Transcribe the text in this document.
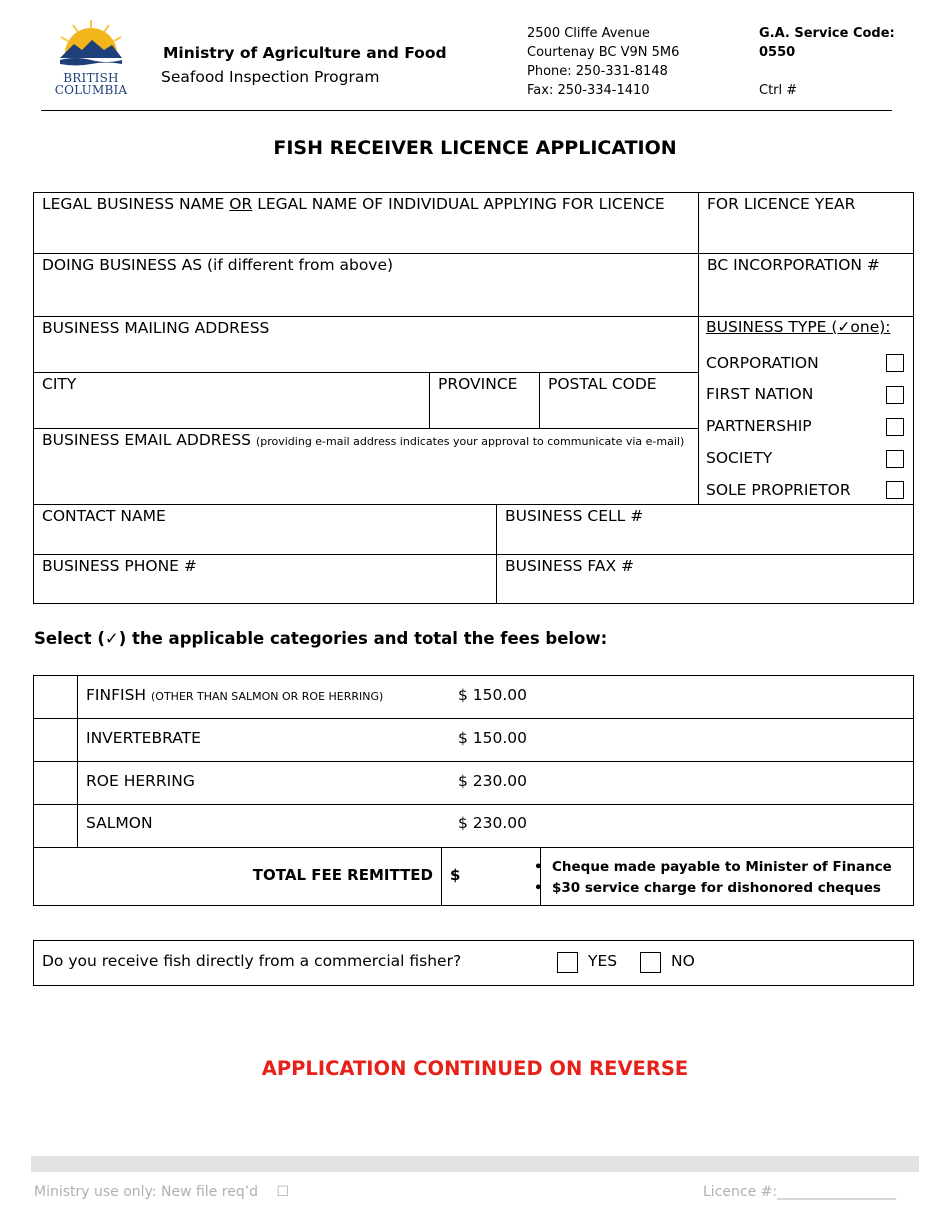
BRITISH
COLUMBIA
Ministry of Agriculture and Food
Seafood Inspection Program
2500 Cliffe Avenue
Courtenay BC V9N 5M6
Phone: 250-331-8148
Fax: 250-334-1410
G.A. Service Code:
0550

Ctrl #
FISH RECEIVER LICENCE APPLICATION
LEGAL BUSINESS NAME OR LEGAL NAME OF INDIVIDUAL APPLYING FOR LICENCE	FOR LICENCE YEAR
DOING BUSINESS AS (if different from above)	BC INCORPORATION #
BUSINESS MAILING ADDRESS
CITY	PROVINCE	POSTAL CODE
BUSINESS EMAIL ADDRESS (providing e-mail address indicates your approval to communicate via e-mail)
BUSINESS TYPE (✓one):
CORPORATION
FIRST NATION
PARTNERSHIP
SOCIETY
SOLE PROPRIETOR
CONTACT NAME	BUSINESS CELL #
BUSINESS PHONE #	BUSINESS FAX #
Select (✓) the applicable categories and total the fees below:
FINFISH (OTHER THAN SALMON OR ROE HERRING)	$ 150.00
INVERTEBRATE	$ 150.00
ROE HERRING	$ 230.00
SALMON	$ 230.00
TOTAL FEE REMITTED	$
•	Cheque made payable to Minister of Finance
• $30 service charge for dishonored cheques
Do you receive fish directly from a commercial fisher?	YES	NO
APPLICATION CONTINUED ON REVERSE
Ministry use only: New file req’d ☐	Licence #:_________________
